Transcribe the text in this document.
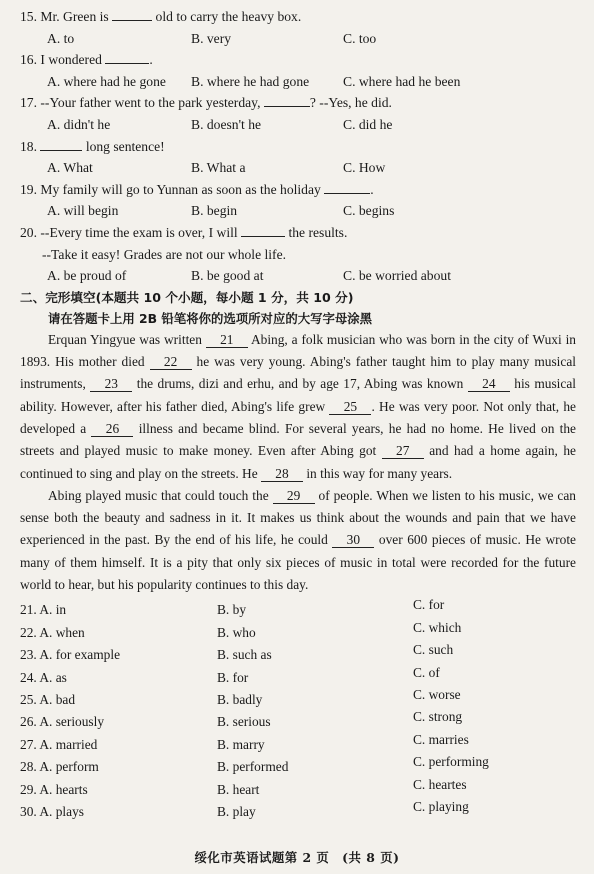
15. Mr. Green is	old to carry the heavy box.
A. to	B. very	C. too
16. I wondered	.
A. where had he gone	B. where he had gone	C. where had he been
17. --Your father went to the park yesterday,	? --Yes, he did.
A. didn't he	B. doesn't he	C. did he
18.	long sentence!
A. What	B. What a	C. How
19. My family will go to Yunnan as soon as the holiday	.
A. will begin	B. begin	C. begins
20. --Every time the exam is over, I will	the results.
--Take it easy! Grades are not our whole life.
A. be proud of	B. be good at	C. be worried about
二、完形填空(本题共 10 个小题，每小题 1 分，共 10 分)
请在答题卡上用 2B 铅笔将你的选项所对应的大写字母涂黑

Erquan Yingyue was written 21 Abing, a folk musician who was born in the city of Wuxi in 1893. His mother died 22 he was very young. Abing's father taught him to play many musical instruments, 23 the drums, dizi and erhu, and by age 17, Abing was known 24 his musical ability. However, after his father died, Abing's life grew 25 . He was very poor. Not only that, he developed a 26 illness and became blind. For several years, he had no home. He lived on the streets and played music to make money. Even after Abing got 27 and had a home again, he continued to sing and play on the streets. He 28 in this way for many years.

Abing played music that could touch the 29 of people. When we listen to his music, we can sense both the beauty and sadness in it. It makes us think about the wounds and pain that we have experienced in the past. By the end of his life, he could 30 over 600 pieces of music. He wrote many of them himself. It is a pity that only six pieces of music in total were recorded for the future world to hear, but his popularity continues to this day.

21. A. in	B. by	C. for
22. A. when	B. who	C. which
23. A. for example	B. such as	C. such
24. A. as	B. for	C. of
25. A. bad	B. badly	C. worse
26. A. seriously	B. serious	C. strong
27. A. married	B. marry	C. marries
28. A. perform	B. performed	C. performing
29. A. hearts	B. heart	C. heartes
30. A. plays	B. play	C. playing
绥化市英语试题第 2 页　(共 8 页)
